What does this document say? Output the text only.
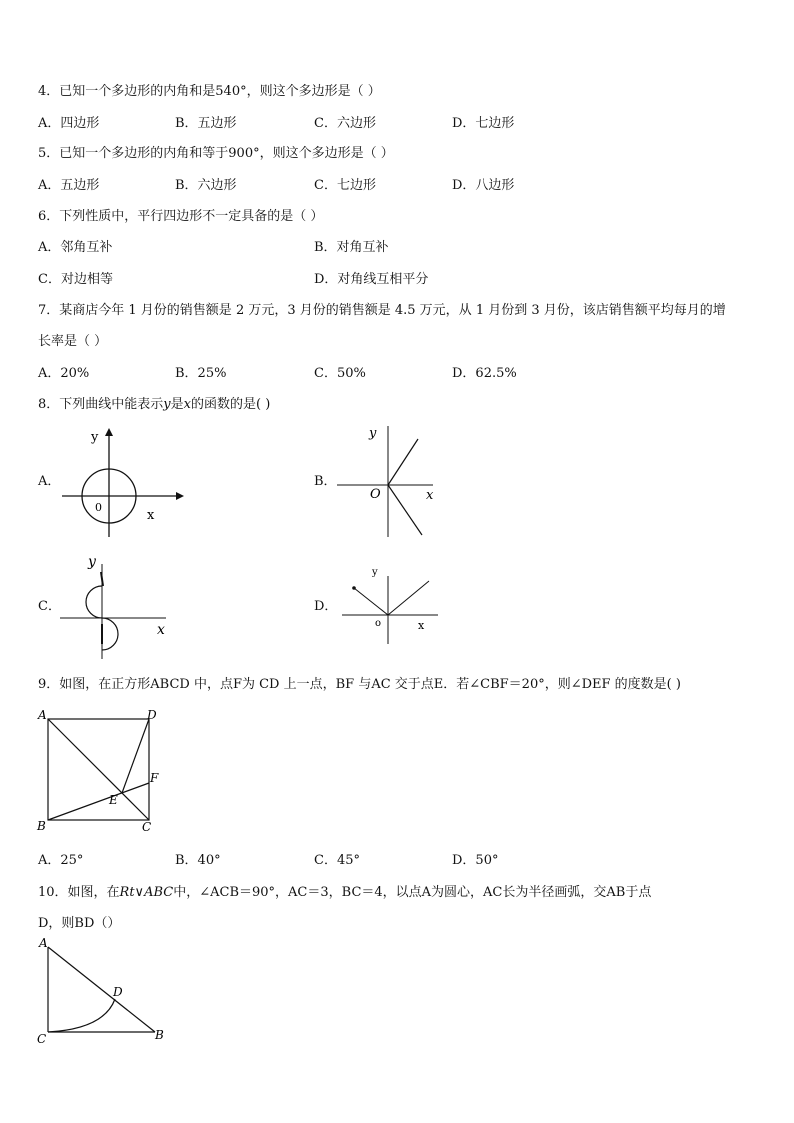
4．已知一个多边形的内角和是540°，则这个多边形是（ ）
A．四边形	B．五边形	C．六边形	D．七边形
5．已知一个多边形的内角和等于900°，则这个多边形是（ ）
A．五边形	B．六边形	C．七边形	D．八边形
6．下列性质中，平行四边形不一定具备的是（ ）
A．邻角互补	B．对角互补
C．对边相等	D．对角线互相平分
7．某商店今年 1 月份的销售额是 2 万元，3 月份的销售额是 4.5 万元，从 1 月份到 3 月份，该店销售额平均每月的增
长率是（ ）
A．20%	B．25%	C．50%	D．62.5%
8．下列曲线中能表示y是x的函数的是( )
A．
y
x
0
B．
y
x
O
C．
y
x
D．
y
x
o
9．如图，在正方形ABCD 中，点F为 CD 上一点，BF 与AC 交于点E．若∠CBF＝20°，则∠DEF 的度数是( )
A	D
B	C
E
F
A．25°	B．40°	C．45°	D．50°
10．如图，在Rt∨ABC中，∠ACB＝90°，AC＝3，BC＝4，以点A为圆心，AC长为半径画弧，交AB于点
D，则BD（）
A
D
C	B
